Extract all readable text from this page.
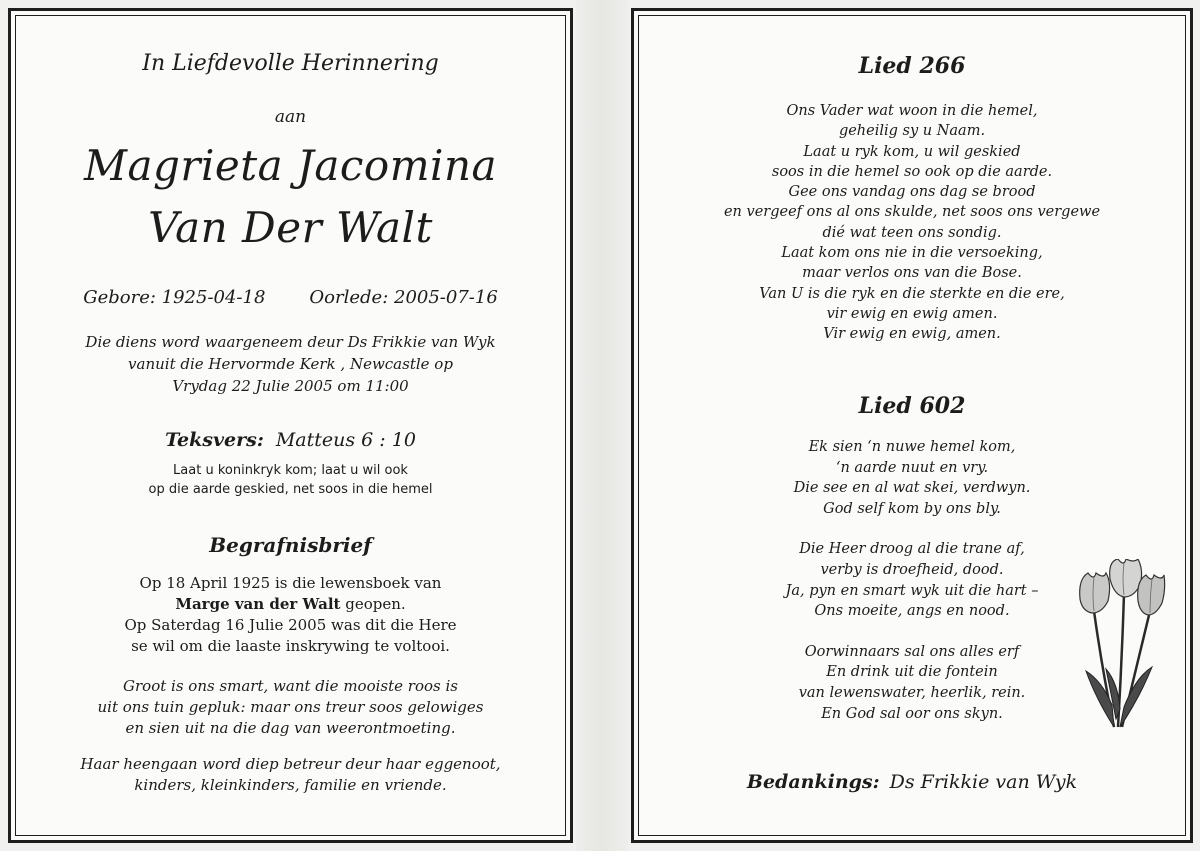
In Liefdevolle Herinnering

aan

Magrieta Jacomina

Van Der Walt

Gebore: 1925-04-18 Oorlede: 2005-07-16

Die diens word waargeneem deur Ds Frikkie van Wyk
vanuit die Hervormde Kerk , Newcastle op
Vrydag 22 Julie 2005 om 11:00

Teksvers: Matteus 6 : 10

Laat u koninkryk kom; laat u wil ook
op die aarde geskied, net soos in die hemel

Begrafnisbrief

Op 18 April 1925 is die lewensboek van
Marge van der Walt geopen.
Op Saterdag 16 Julie 2005 was dit die Here
se wil om die laaste inskrywing te voltooi.
Groot is ons smart, want die mooiste roos is
uit ons tuin gepluk: maar ons treur soos gelowiges
en sien uit na die dag van weerontmoeting.
Haar heengaan word diep betreur deur haar eggenoot,
kinders, kleinkinders, familie en vriende.

Lied 266

Ons Vader wat woon in die hemel,
geheilig sy u Naam.
Laat u ryk kom, u wil geskied
soos in die hemel so ook op die aarde.
Gee ons vandag ons dag se brood
en vergeef ons al ons skulde, net soos ons vergewe
dié wat teen ons sondig.
Laat kom ons nie in die versoeking,
maar verlos ons van die Bose.
Van U is die ryk en die sterkte en die ere,
vir ewig en ewig amen.
Vir ewig en ewig, amen.

Lied 602

Ek sien ‘n nuwe hemel kom,
‘n aarde nuut en vry.
Die see en al wat skei, verdwyn.
God self kom by ons bly.
Die Heer droog al die trane af,
verby is droefheid, dood.
Ja, pyn en smart wyk uit die hart –
Ons moeite, angs en nood.
Oorwinnaars sal ons alles erf
En drink uit die fontein
van lewenswater, heerlik, rein.
En God sal oor ons skyn.

Bedankings: Ds Frikkie van Wyk
